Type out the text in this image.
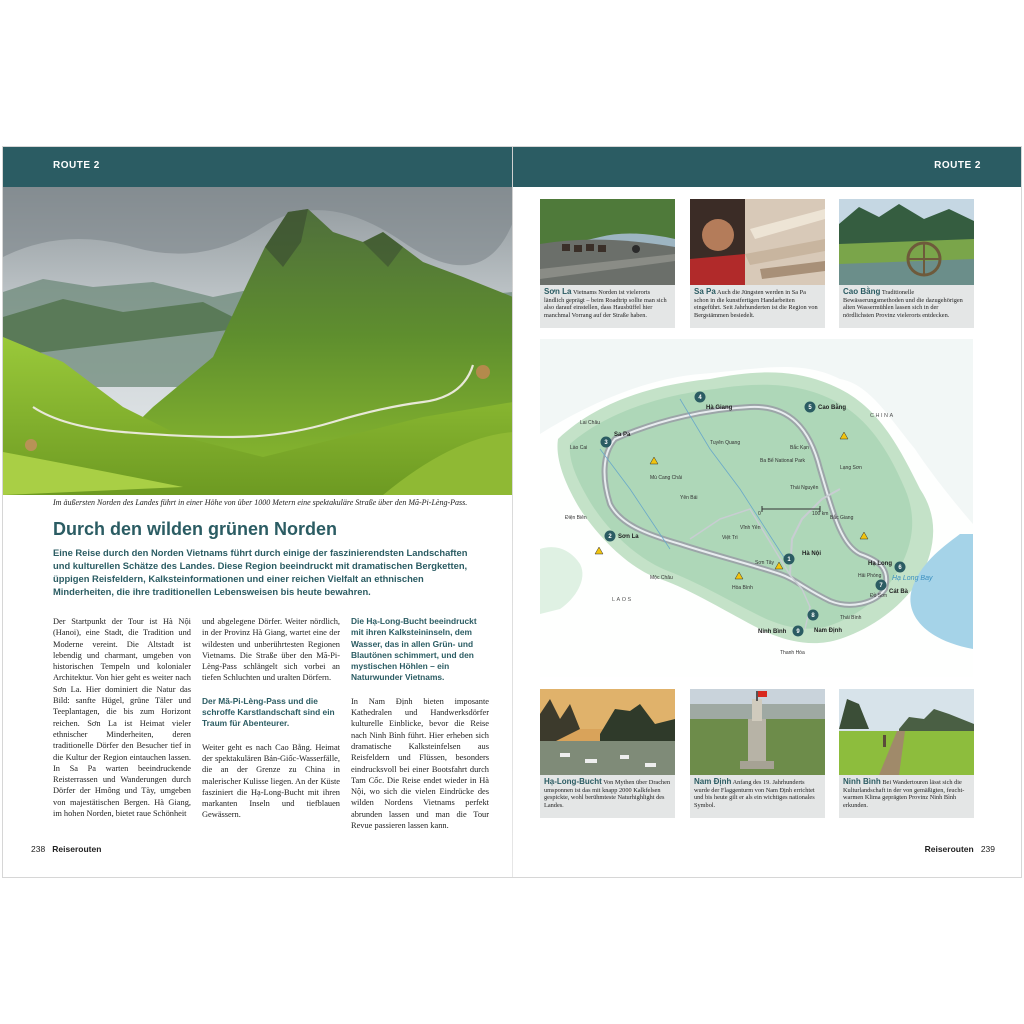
ROUTE 2
Im äußersten Norden des Landes führt in einer Höhe von über 1000 Metern eine spektakuläre Straße über den Mã-Pi-Lèng-Pass.
Durch den wilden grünen Norden

Eine Reise durch den Norden Vietnams führt durch einige der faszinierendsten Landschaften und kulturellen Schätze des Landes. Diese Region beeindruckt mit dramatischen Bergketten, üppigen Reisfeldern, Kalksteinformationen und einer reichen Vielfalt an ethnischen Minderheiten, die ihre traditionellen Lebensweisen bis heute bewahren.

Der Startpunkt der Tour ist Hà Nội (Hanoi), eine Stadt, die Tradition und Moderne vereint. Die Altstadt ist lebendig und charmant, umgeben von historischen Tempeln und kolonialer Architektur. Von hier geht es weiter nach Sơn La. Hier dominiert die Natur das Bild: sanfte Hügel, grüne Täler und Teeplantagen, die bis zum Horizont reichen. Sơn La ist Heimat vieler ethnischer Minderheiten, deren traditionelle Dörfer den Besucher tief in die Kultur der Region eintauchen lassen. In Sa Pa warten beeindruckende Reisterrassen und Wanderungen durch Dörfer der Hmông und Tày, umgeben von majestätischen Bergen. Hà Giang, im hohen Norden, bietet raue Schönheit

und abgelegene Dörfer. Weiter nördlich, in der Provinz Hà Giang, wartet eine der wildesten und unberührtesten Regionen Vietnams. Die Straße über den Mã-Pi-Lèng-Pass schlängelt sich vorbei an tiefen Schluchten und uralten Dörfern.

Der Mã-Pi-Lèng-Pass und die schroffe Karstlandschaft sind ein Traum für Abenteurer.

Weiter geht es nach Cao Bằng. Heimat der spektakulären Bản-Giốc-Wasserfälle, die an der Grenze zu China in malerischer Kulisse liegen. An der Küste fasziniert die Hạ-Long-Bucht mit ihren markanten Inseln und tiefblauen Gewässern.

Die Hạ-Long-Bucht beeindruckt mit ihren Kalksteininseln, dem Wasser, das in allen Grün- und Blautönen schimmert, und den mystischen Höhlen – ein Naturwunder Vietnams.

In Nam Định bieten imposante Kathedralen und Handwerksdörfer kulturelle Einblicke, bevor die Reise nach Ninh Bình führt. Hier erheben sich dramatische Kalksteinfelsen aus Reisfeldern und Flüssen, besonders eindrucksvoll bei einer Bootsfahrt durch Tam Cốc. Die Reise endet wieder in Hà Nội, wo sich die vielen Eindrücke des wilden Nordens Vietnams perfekt abrunden lassen und man die Tour Revue passieren lassen kann.

238 Reiserouten
ROUTE 2
Sơn La Vietnams Norden ist vielerorts ländlich geprägt – beim Roadtrip sollte man sich also darauf einstellen, dass Hausbüffel hier manchmal Vorrang auf der Straße haben.
Sa Pa Auch die Jüngsten werden in Sa Pa schon in die kunstfertigen Handarbeiten eingeführt. Seit Jahrhunderten ist die Region von Bergstämmen besiedelt.
Cao Bằng Traditionelle Bewässerungsmethoden und die dazugehörigen alten Wassermühlen lassen sich in der nördlichsten Provinz vielerorts entdecken.
1
Hà Nội
2 Sơn La
3
Sa Pa
4
Hà Giang	5 Cao Bằng
6
Hạ Long
7
Cát Bà
8
Nam Định
9
Ninh Bình
Lai Châu
Lào Cai
Điện Biên
Mù Cang Chải
Yên Bái
Tuyên Quang
Thái Nguyên
Lạng Sơn
Bắc Giang
Vĩnh Yên
Việt Trì
Sơn Tây
Hòa Bình
Hải Phòng
Thanh Hóa
Mộc Châu
Bắc Kạn
Ba Bể National Park
Đồ Sơn
Thái Bình
CHINA
LAOS
Hạ Long Bay
0	100 km
Hạ-Long-Bucht Von Mythen über Drachen umsponnen ist das mit knapp 2000 Kalkfelsen gespickte, wohl berühmteste Naturhighlight des Landes.
Nam Định Anfang des 19. Jahrhunderts wurde der Flaggenturm von Nam Định errichtet und bis heute gilt er als ein wichtiges nationales Symbol.
Ninh Bình Bei Wandertouren lässt sich die Kulturlandschaft in der von gemäßigten, feucht-warmen Klima geprägten Provinz Ninh Bình erkunden.
Reiserouten 239
